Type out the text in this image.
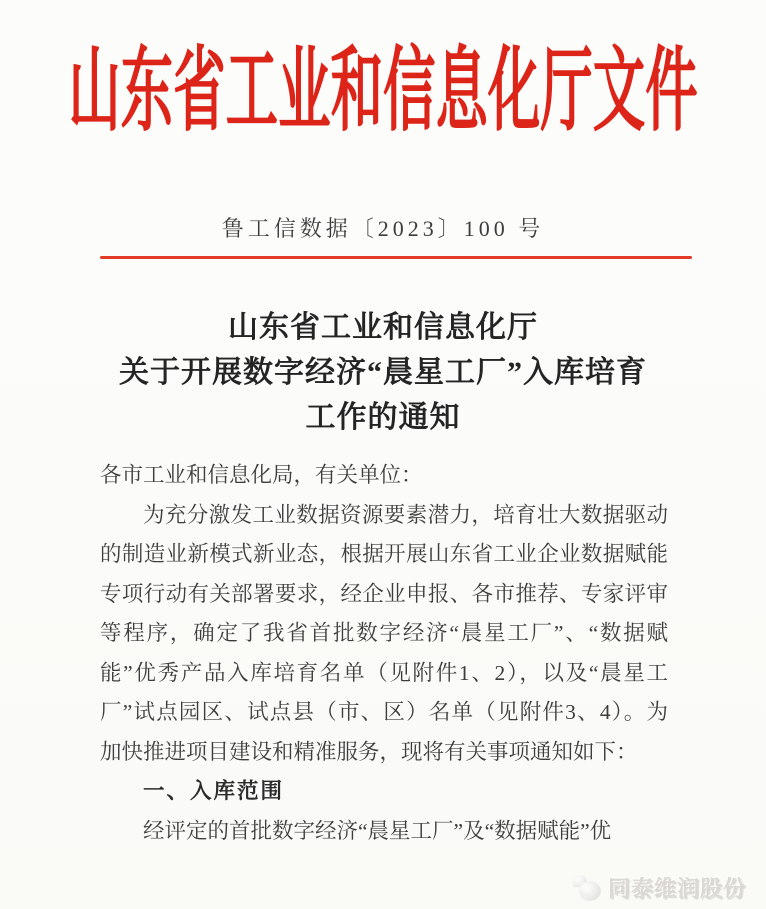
山东省工业和信息化厅文件
鲁工信数据〔2023〕100 号
山东省工业和信息化厅
关于开展数字经济“晨星工厂”入库培育
工作的通知
各市工业和信息化局，有关单位：
为充分激发工业数据资源要素潜力，培育壮大数据驱动
的制造业新模式新业态，根据开展山东省工业企业数据赋能
专项行动有关部署要求，经企业申报、各市推荐、专家评审
等程序，确定了我省首批数字经济“晨星工厂”、“数据赋
能”优秀产品入库培育名单（见附件1、2），以及“晨星工
厂”试点园区、试点县（市、区）名单（见附件3、4）。为
加快推进项目建设和精准服务，现将有关事项通知如下：
一、入库范围
经评定的首批数字经济“晨星工厂”及“数据赋能”优
同泰维润股份
